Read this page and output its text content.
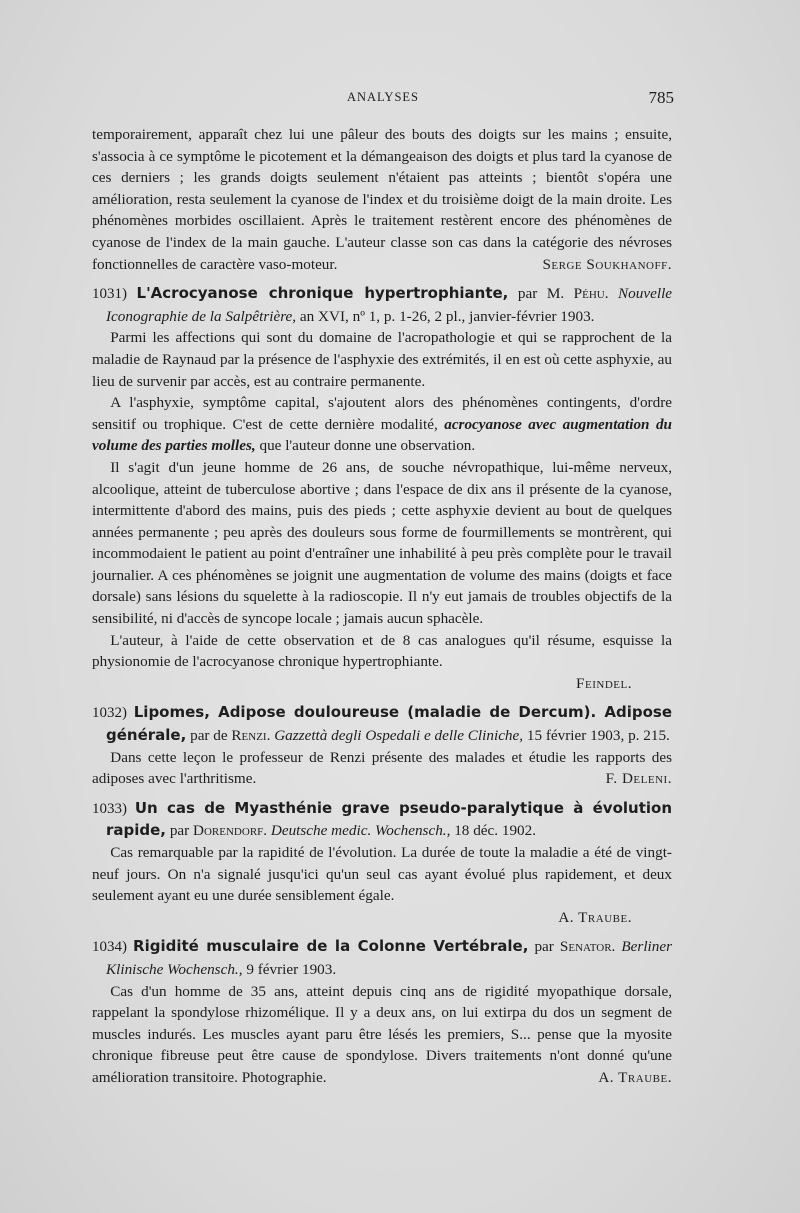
ANALYSES	785

temporairement, apparaît chez lui une pâleur des bouts des doigts sur les mains ; ensuite, s'associa à ce symptôme le picotement et la démangeaison des doigts et plus tard la cyanose de ces derniers ; les grands doigts seulement n'étaient pas atteints ; bientôt s'opéra une amélioration, resta seulement la cyanose de l'index et du troisième doigt de la main droite. Les phénomènes morbides oscillaient. Après le traitement restèrent encore des phénomènes de cyanose de l'index de la main gauche. L'auteur classe son cas dans la catégorie des névroses fonctionnelles de caractère vaso-moteur.	Serge Soukhanoff.

1031) L'Acrocyanose chronique hypertrophiante, par M. Péhu. Nouvelle Iconographie de la Salpêtrière, an XVI, nº 1, p. 1-26, 2 pl., janvier-février 1903.

Parmi les affections qui sont du domaine de l'acropathologie et qui se rapprochent de la maladie de Raynaud par la présence de l'asphyxie des extrémités, il en est où cette asphyxie, au lieu de survenir par accès, est au contraire permanente.

A l'asphyxie, symptôme capital, s'ajoutent alors des phénomènes contingents, d'ordre sensitif ou trophique. C'est de cette dernière modalité, acrocyanose avec augmentation du volume des parties molles, que l'auteur donne une observation.

Il s'agit d'un jeune homme de 26 ans, de souche névropathique, lui-même nerveux, alcoolique, atteint de tuberculose abortive ; dans l'espace de dix ans il présente de la cyanose, intermittente d'abord des mains, puis des pieds ; cette asphyxie devient au bout de quelques années permanente ; peu après des douleurs sous forme de fourmillements se montrèrent, qui incommodaient le patient au point d'entraîner une inhabilité à peu près complète pour le travail journalier. A ces phénomènes se joignit une augmentation de volume des mains (doigts et face dorsale) sans lésions du squelette à la radioscopie. Il n'y eut jamais de troubles objectifs de la sensibilité, ni d'accès de syncope locale ; jamais aucun sphacèle.

L'auteur, à l'aide de cette observation et de 8 cas analogues qu'il résume, esquisse la physionomie de l'acrocyanose chronique hypertrophiante.

Feindel.

1032) Lipomes, Adipose douloureuse (maladie de Dercum). Adipose générale, par de Renzi. Gazzettà degli Ospedali e delle Cliniche, 15 février 1903, p. 215.

Dans cette leçon le professeur de Renzi présente des malades et étudie les rapports des adiposes avec l'arthritisme.	F. Deleni.

1033) Un cas de Myasthénie grave pseudo-paralytique à évolution rapide, par Dorendorf. Deutsche medic. Wochensch., 18 déc. 1902.

Cas remarquable par la rapidité de l'évolution. La durée de toute la maladie a été de vingt-neuf jours. On n'a signalé jusqu'ici qu'un seul cas ayant évolué plus rapidement, et deux seulement ayant eu une durée sensiblement égale.

A. Traube.

1034) Rigidité musculaire de la Colonne Vertébrale, par Senator. Berliner Klinische Wochensch., 9 février 1903.

Cas d'un homme de 35 ans, atteint depuis cinq ans de rigidité myopathique dorsale, rappelant la spondylose rhizomélique. Il y a deux ans, on lui extirpa du dos un segment de muscles indurés. Les muscles ayant paru être lésés les premiers, S... pense que la myosite chronique fibreuse peut être cause de spondylose. Divers traitements n'ont donné qu'une amélioration transitoire. Photographie.	A. Traube.
